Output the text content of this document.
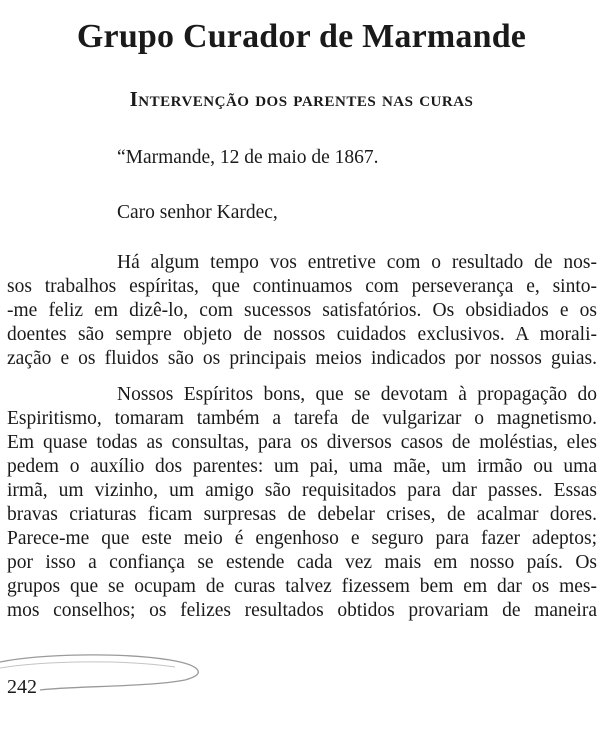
Grupo Curador de Marmande
Intervenção dos parentes nas curas
“Marmande, 12 de maio de 1867.
Caro senhor Kardec,
Há algum tempo vos entretive com o resultado de nos-
sos trabalhos espíritas, que continuamos com perseverança e, sinto-
-me feliz em dizê-lo, com sucessos satisfatórios. Os obsidiados e os
doentes são sempre objeto de nossos cuidados exclusivos. A morali-
zação e os fluidos são os principais meios indicados por nossos guias.
Nossos Espíritos bons, que se devotam à propagação do
Espiritismo, tomaram também a tarefa de vulgarizar o magnetismo.
Em quase todas as consultas, para os diversos casos de moléstias, eles
pedem o auxílio dos parentes: um pai, uma mãe, um irmão ou uma
irmã, um vizinho, um amigo são requisitados para dar passes. Essas
bravas criaturas ficam surpresas de debelar crises, de acalmar dores.
Parece-me que este meio é engenhoso e seguro para fazer adeptos;
por isso a confiança se estende cada vez mais em nosso país. Os
grupos que se ocupam de curas talvez fizessem bem em dar os mes-
mos conselhos; os felizes resultados obtidos provariam de maneira
242
